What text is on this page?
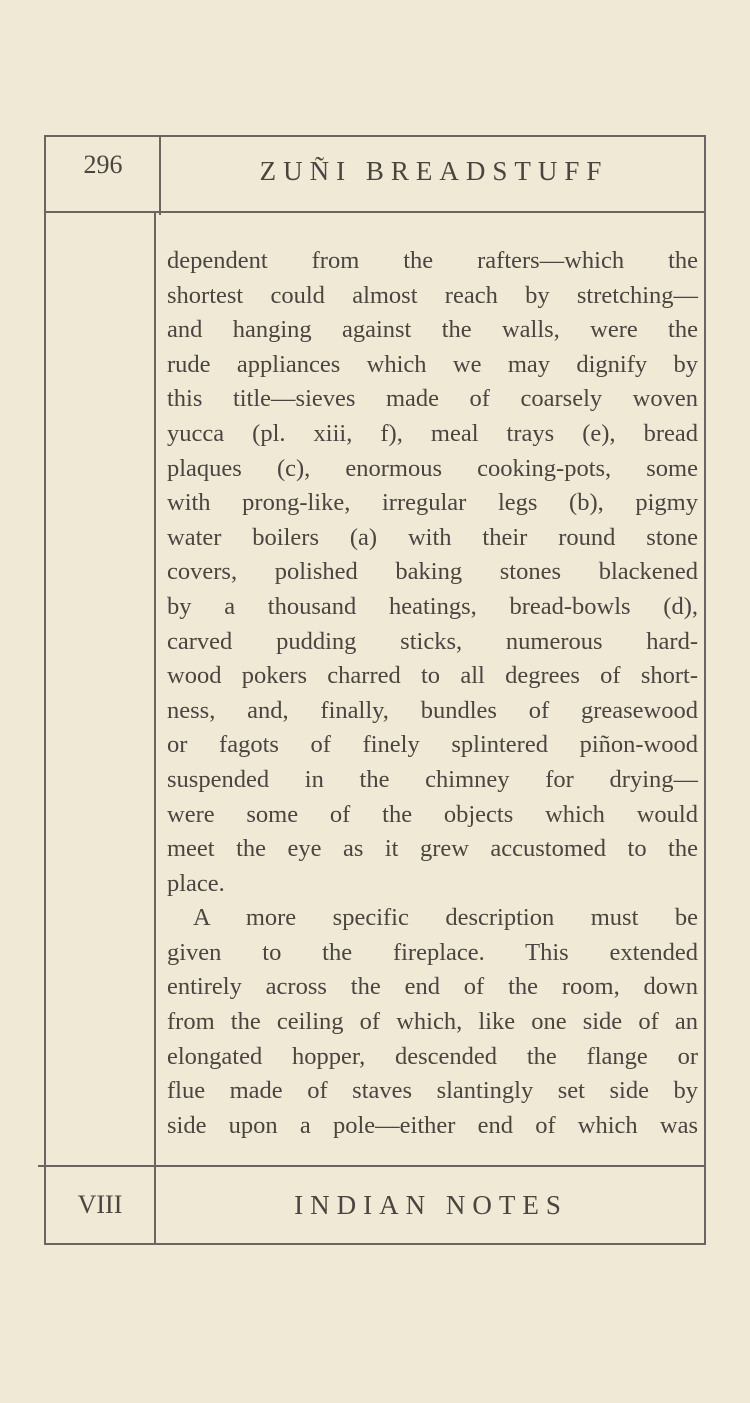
296	ZUÑI BREADSTUFF
dependent from the rafters—which the
shortest could almost reach by stretching—
and hanging against the walls, were the
rude appliances which we may dignify by
this title—sieves made of coarsely woven
yucca (pl. xiii, f), meal trays (e), bread
plaques (c), enormous cooking-pots, some
with prong-like, irregular legs (b), pigmy
water boilers (a) with their round stone
covers, polished baking stones blackened
by a thousand heatings, bread-bowls (d),
carved pudding sticks, numerous hard-
wood pokers charred to all degrees of short-
ness, and, finally, bundles of greasewood
or fagots of finely splintered piñon-wood
suspended in the chimney for drying—
were some of the objects which would
meet the eye as it grew accustomed to the
place.
A more specific description must be
given to the fireplace. This extended
entirely across the end of the room, down
from the ceiling of which, like one side of an
elongated hopper, descended the flange or
flue made of staves slantingly set side by
side upon a pole—either end of which was
VIII	INDIAN NOTES
